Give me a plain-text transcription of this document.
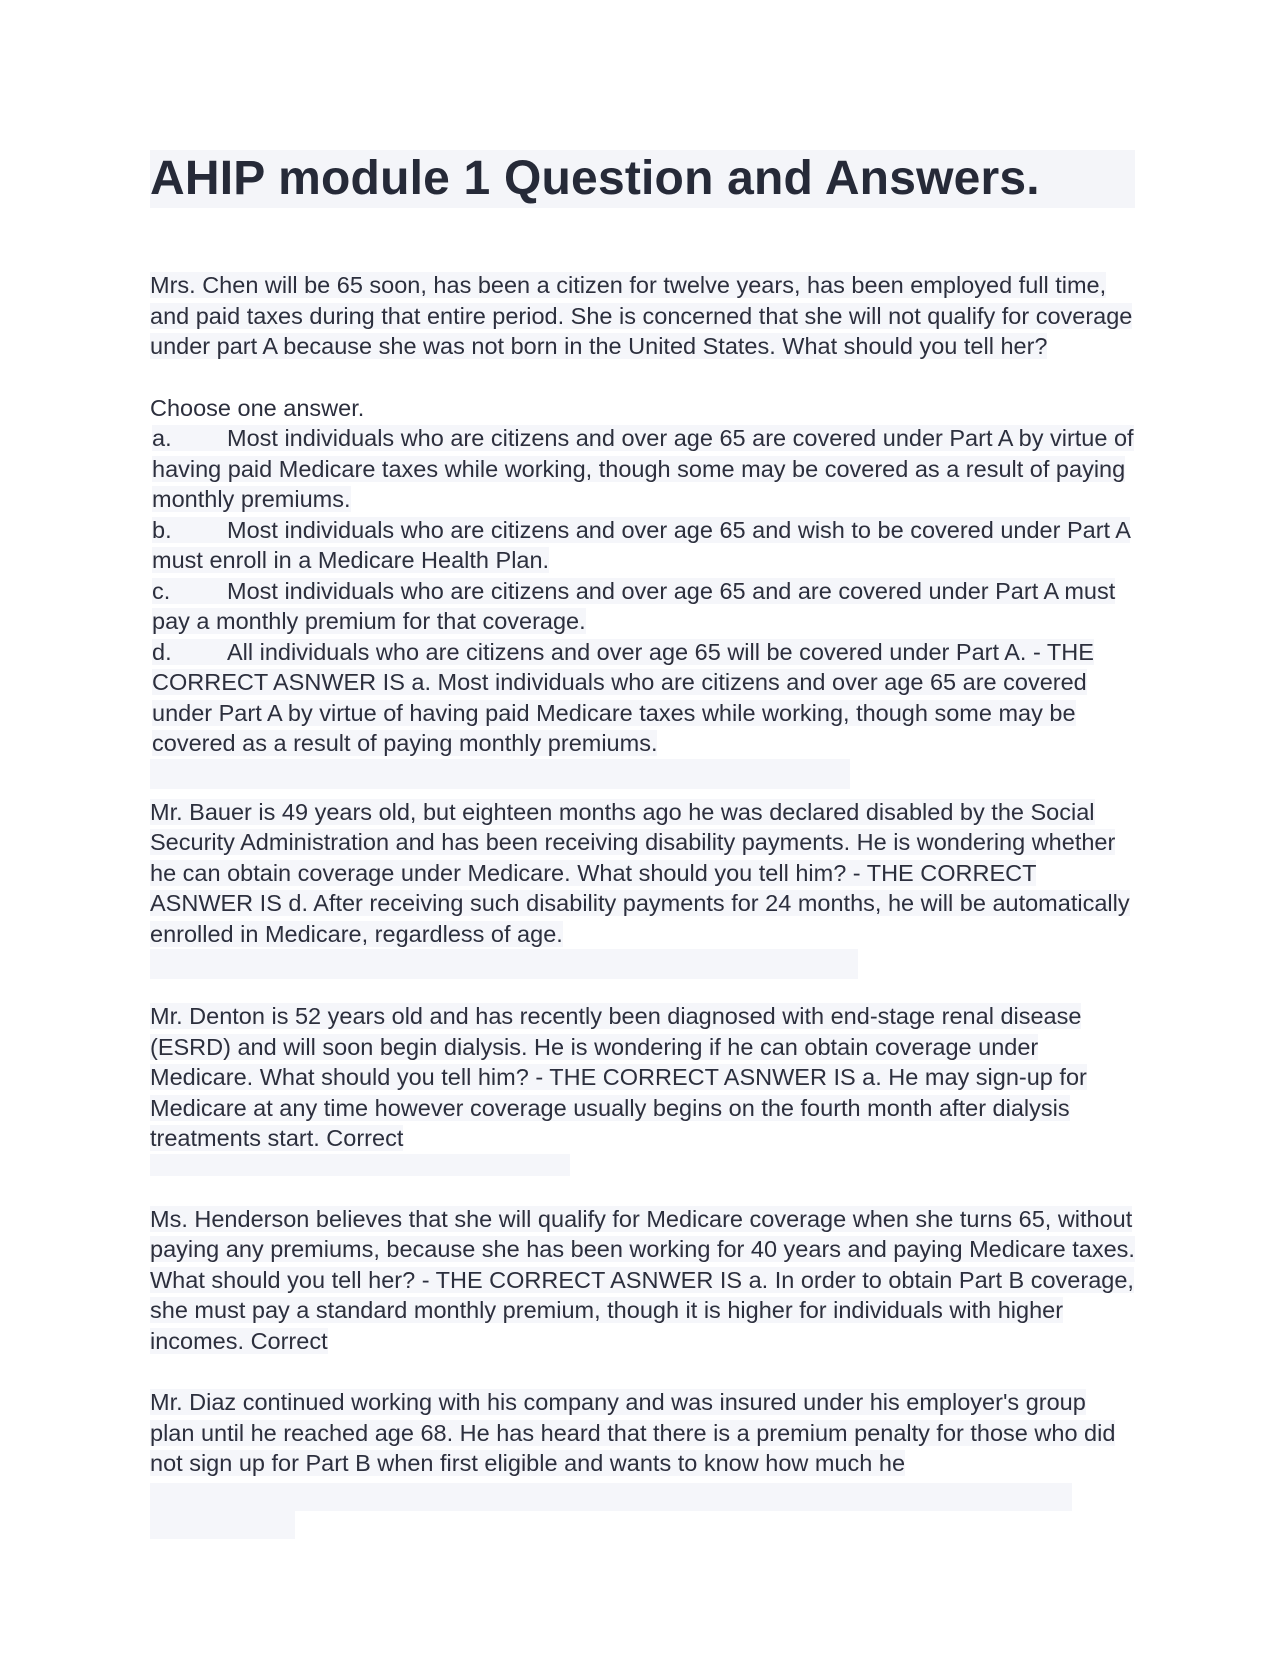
AHIP module 1 Question and Answers.

Mrs. Chen will be 65 soon, has been a citizen for twelve years, has been employed full time, and paid taxes during that entire period. She is concerned that she will not qualify for coverage under part A because she was not born in the United States. What should you tell her?

Choose one answer.
a. Most individuals who are citizens and over age 65 are covered under Part A by virtue of having paid Medicare taxes while working, though some may be covered as a result of paying monthly premiums.
b. Most individuals who are citizens and over age 65 and wish to be covered under Part A must enroll in a Medicare Health Plan.
c. Most individuals who are citizens and over age 65 and are covered under Part A must pay a monthly premium for that coverage.
d. All individuals who are citizens and over age 65 will be covered under Part A. - THE CORRECT ASNWER IS a. Most individuals who are citizens and over age 65 are covered under Part A by virtue of having paid Medicare taxes while working, though some may be covered as a result of paying monthly premiums.

Mr. Bauer is 49 years old, but eighteen months ago he was declared disabled by the Social Security Administration and has been receiving disability payments. He is wondering whether he can obtain coverage under Medicare. What should you tell him? - THE CORRECT ASNWER IS d. After receiving such disability payments for 24 months, he will be automatically enrolled in Medicare, regardless of age.

Mr. Denton is 52 years old and has recently been diagnosed with end-stage renal disease (ESRD) and will soon begin dialysis. He is wondering if he can obtain coverage under Medicare. What should you tell him? - THE CORRECT ASNWER IS a. He may sign-up for Medicare at any time however coverage usually begins on the fourth month after dialysis treatments start. Correct

Ms. Henderson believes that she will qualify for Medicare coverage when she turns 65, without paying any premiums, because she has been working for 40 years and paying Medicare taxes. What should you tell her? - THE CORRECT ASNWER IS a. In order to obtain Part B coverage, she must pay a standard monthly premium, though it is higher for individuals with higher incomes. Correct

Mr. Diaz continued working with his company and was insured under his employer's group plan until he reached age 68. He has heard that there is a premium penalty for those who did not sign up for Part B when first eligible and wants to know how much he
